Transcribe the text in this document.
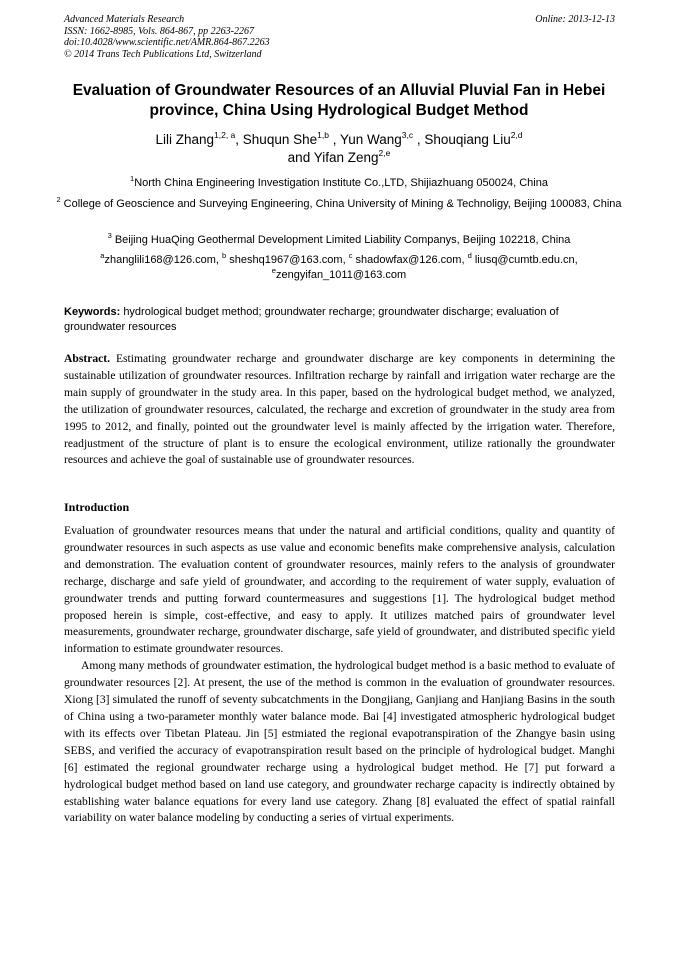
Advanced Materials Research
ISSN: 1662-8985, Vols. 864-867, pp 2263-2267
doi:10.4028/www.scientific.net/AMR.864-867.2263
© 2014 Trans Tech Publications Ltd, Switzerland
Online: 2013-12-13
Evaluation of Groundwater Resources of an Alluvial Pluvial Fan in Hebei province, China Using Hydrological Budget Method
Lili Zhang$^{1,2, a}$, Shuqun She$^{1,b}$ , Yun Wang$^{3,c}$ , Shouqiang Liu$^{2,d}$
and Yifan Zeng$^{2,e}$
$^1$North China Engineering Investigation Institute Co.,LTD, Shijiazhuang 050024, China
$^2$ College of Geoscience and Surveying Engineering, China University of Mining & Technoligy, Beijing 100083, China
$^3$ Beijing HuaQing Geothermal Development Limited Liability Companys, Beijing 102218, China
$^a$zhanglili168@126.com, $^b$ sheshq1967@163.com, $^c$ shadowfax@126.com, $^d$ liusq@cumtb.edu.cn,
$^e$zengyifan_1011@163.com
Keywords: hydrological budget method; groundwater recharge; groundwater discharge; evaluation of groundwater resources

Abstract. Estimating groundwater recharge and groundwater discharge are key components in determining the sustainable utilization of groundwater resources. Infiltration recharge by rainfall and irrigation water recharge are the main supply of groundwater in the study area. In this paper, based on the hydrological budget method, we analyzed, the utilization of groundwater resources, calculated, the recharge and excretion of groundwater in the study area from 1995 to 2012, and finally, pointed out the groundwater level is mainly affected by the irrigation water. Therefore, readjustment of the structure of plant is to ensure the ecological environment, utilize rationally the groundwater resources and achieve the goal of sustainable use of groundwater resources.

Introduction

Evaluation of groundwater resources means that under the natural and artificial conditions, quality and quantity of groundwater resources in such aspects as use value and economic benefits make comprehensive analysis, calculation and demonstration. The evaluation content of groundwater resources, mainly refers to the analysis of groundwater recharge, discharge and safe yield of groundwater, and according to the requirement of water supply, evaluation of groundwater trends and putting forward countermeasures and suggestions [1]. The hydrological budget method proposed herein is simple, cost-effective, and easy to apply. It utilizes matched pairs of groundwater level measurements, groundwater recharge, groundwater discharge, safe yield of groundwater, and distributed specific yield information to estimate groundwater resources.

Among many methods of groundwater estimation, the hydrological budget method is a basic method to evaluate of groundwater resources [2]. At present, the use of the method is common in the evaluation of groundwater resources. Xiong [3] simulated the runoff of seventy subcatchments in the Dongjiang, Ganjiang and Hanjiang Basins in the south of China using a two-parameter monthly water balance mode. Bai [4] investigated atmospheric hydrological budget with its effects over Tibetan Plateau. Jin [5] estmiated the regional evapotranspiration of the Zhangye basin using SEBS, and verified the accuracy of evapotranspiration result based on the principle of hydrological budget. Manghi [6] estimated the regional groundwater recharge using a hydrological budget method. He [7] put forward a hydrological budget method based on land use category, and groundwater recharge capacity is indirectly obtained by establishing water balance equations for every land use category. Zhang [8] evaluated the effect of spatial rainfall variability on water balance modeling by conducting a series of virtual experiments.
